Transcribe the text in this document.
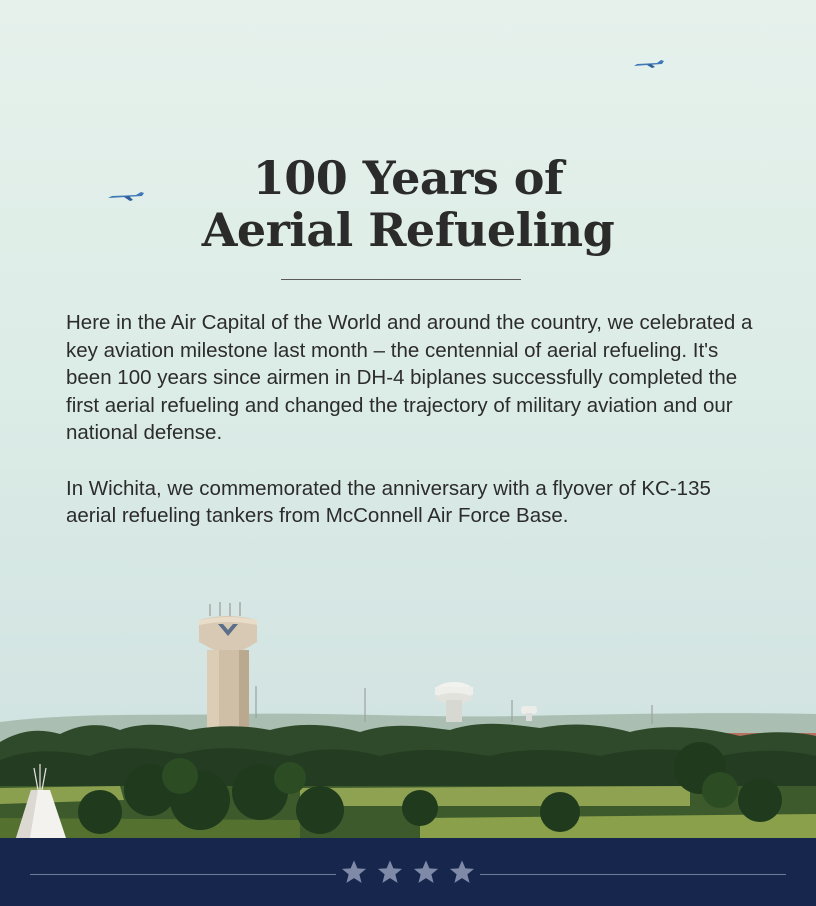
100 Years of
Aerial Refueling

Here in the Air Capital of the World and around the country, we celebrated a key aviation milestone last month – the centennial of aerial refueling. It's been 100 years since airmen in DH-4 biplanes successfully completed the first aerial refueling and changed the trajectory of military aviation and our national defense.

In Wichita, we commemorated the anniversary with a flyover of KC-135 aerial refueling tankers from McConnell Air Force Base.
